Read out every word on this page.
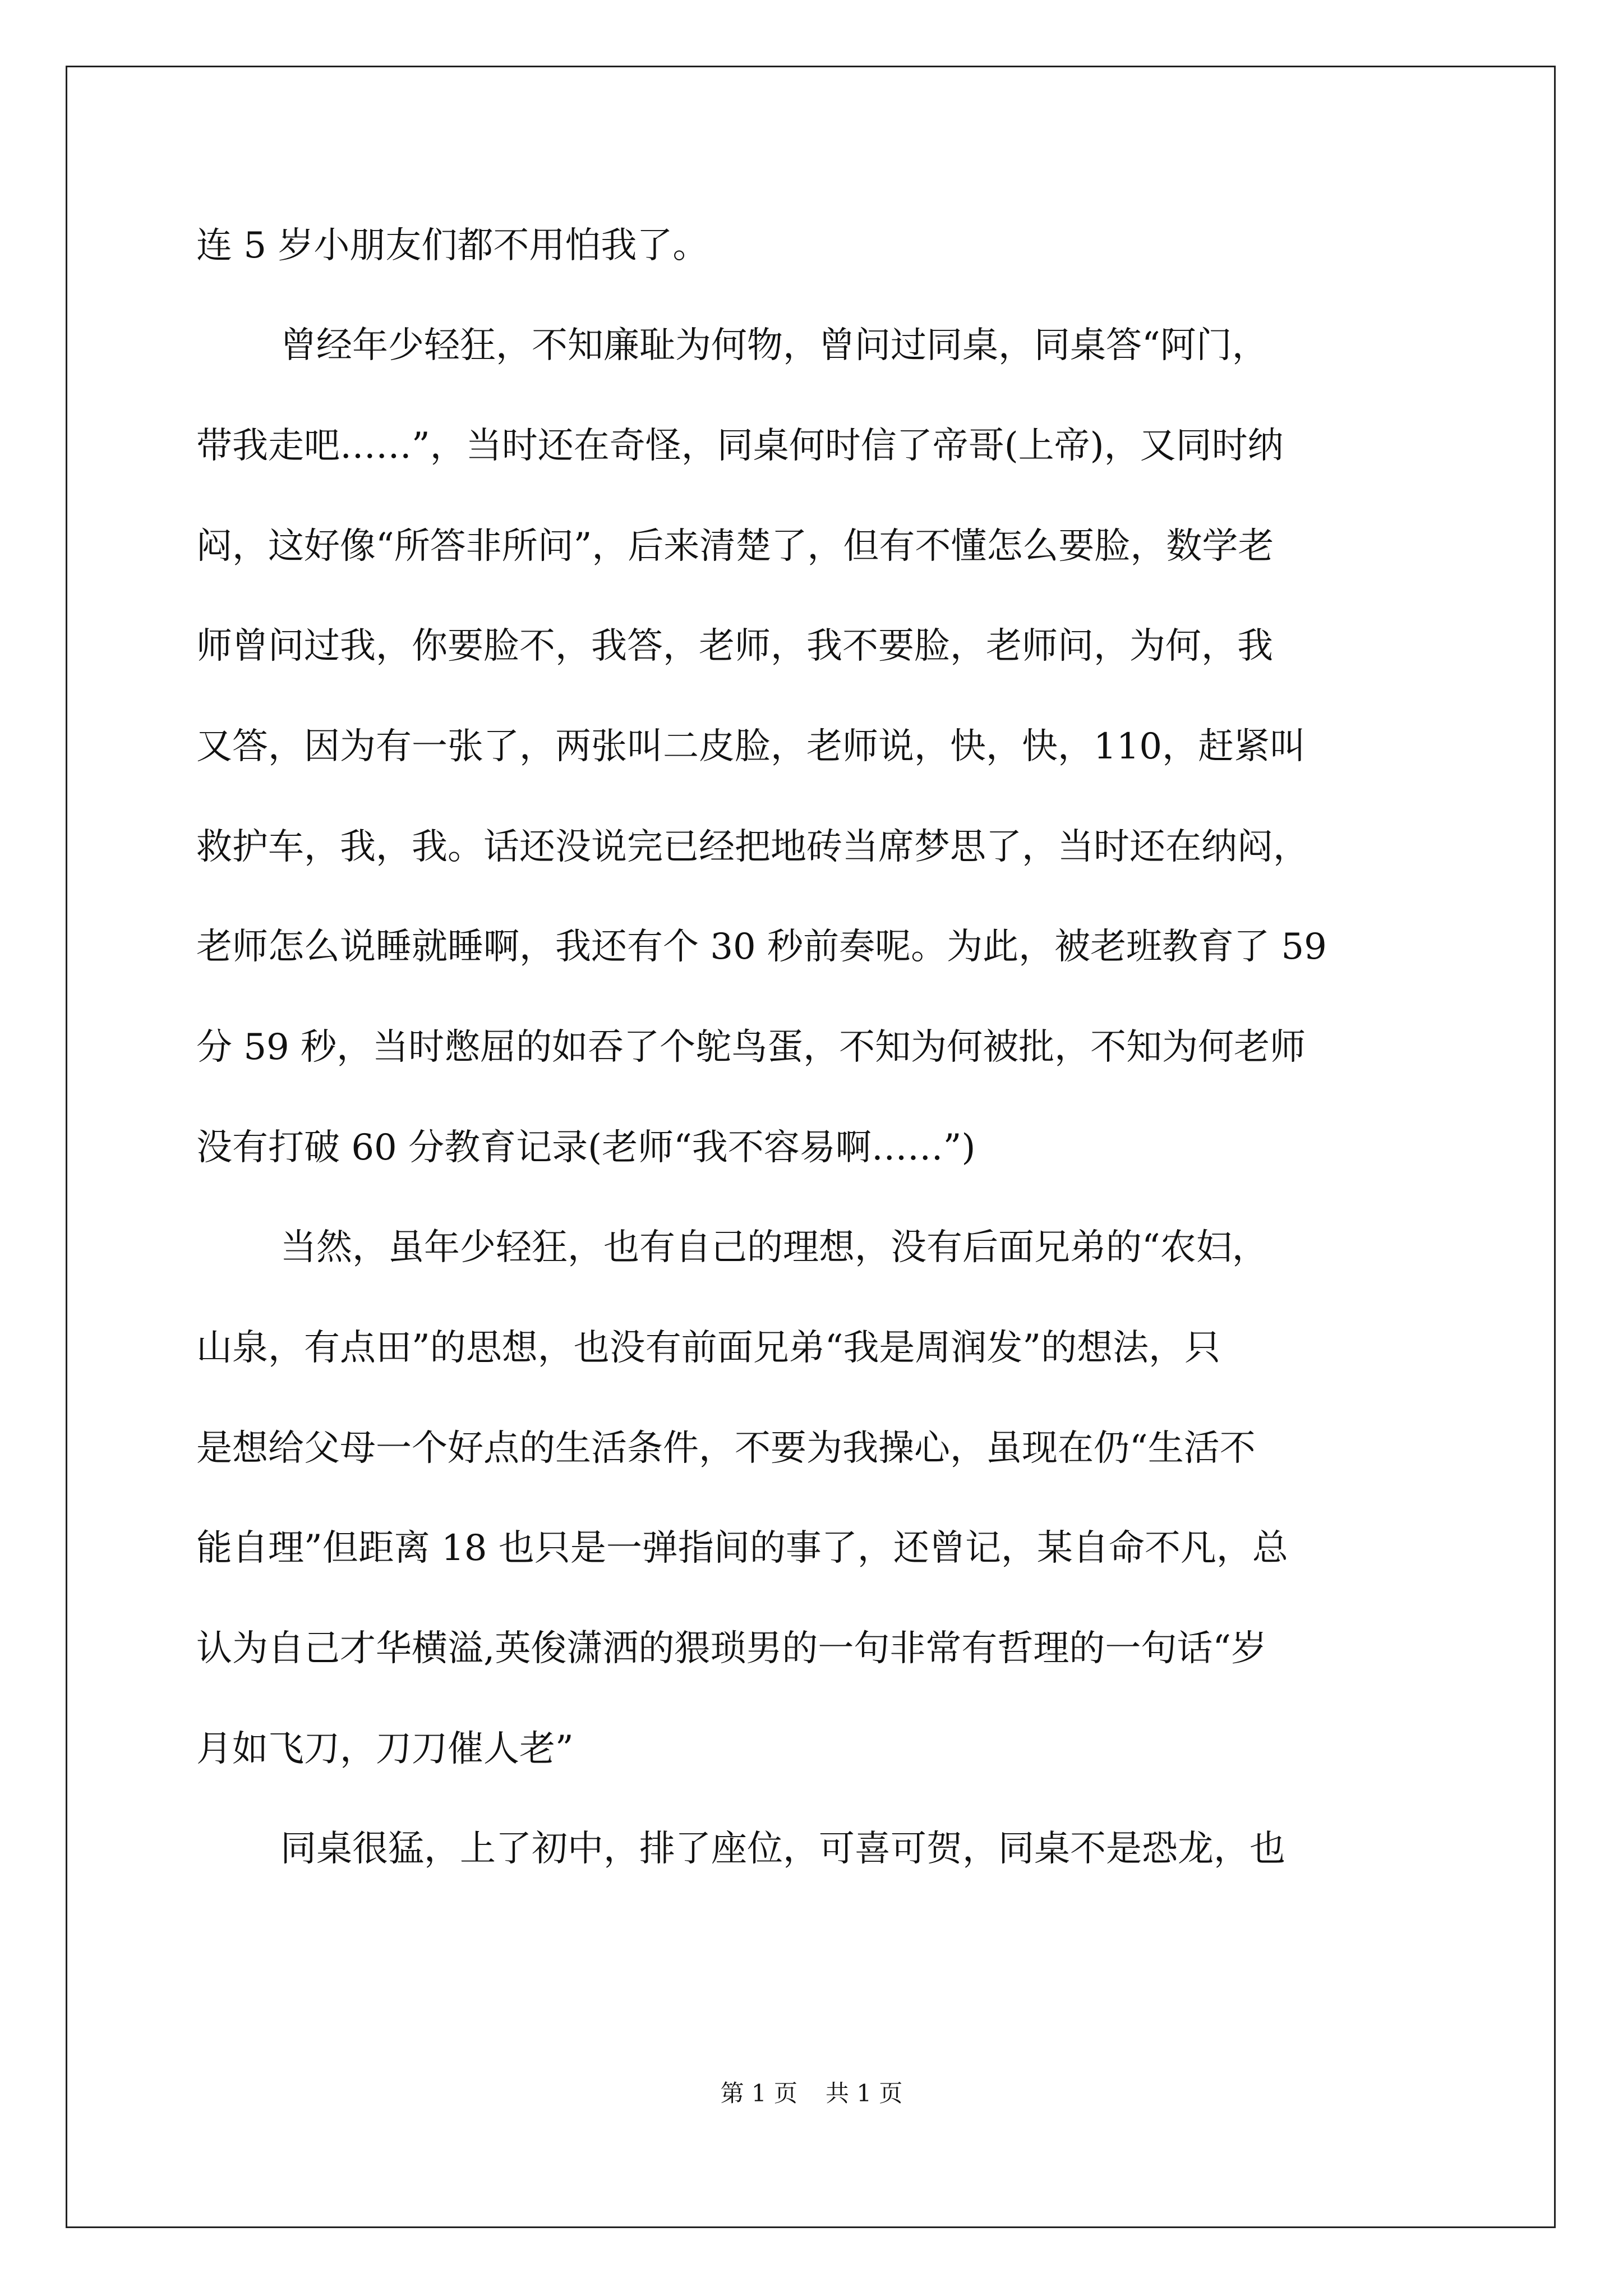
连 5 岁小朋友们都不用怕我了。
曾经年少轻狂，不知廉耻为何物，曾问过同桌，同桌答“阿门，
带我走吧……”，当时还在奇怪，同桌何时信了帝哥(上帝)，又同时纳
闷，这好像“所答非所问”，后来清楚了，但有不懂怎么要脸，数学老
师曾问过我，你要脸不，我答，老师，我不要脸，老师问，为何，我
又答，因为有一张了，两张叫二皮脸，老师说，快，快，110，赶紧叫
救护车，我，我。话还没说完已经把地砖当席梦思了，当时还在纳闷，
老师怎么说睡就睡啊，我还有个 30 秒前奏呢。为此，被老班教育了 59
分 59 秒，当时憋屈的如吞了个鸵鸟蛋，不知为何被批，不知为何老师
没有打破 60 分教育记录(老师“我不容易啊……”)
当然，虽年少轻狂，也有自己的理想，没有后面兄弟的“农妇，
山泉，有点田”的思想，也没有前面兄弟“我是周润发”的想法，只
是想给父母一个好点的生活条件，不要为我操心，虽现在仍“生活不
能自理”但距离 18 也只是一弹指间的事了，还曾记，某自命不凡，总
认为自己才华横溢,英俊潇洒的猥琐男的一句非常有哲理的一句话“岁
月如飞刀，刀刀催人老”
同桌很猛，上了初中，排了座位，可喜可贺，同桌不是恐龙，也
第 1 页 共 1 页
